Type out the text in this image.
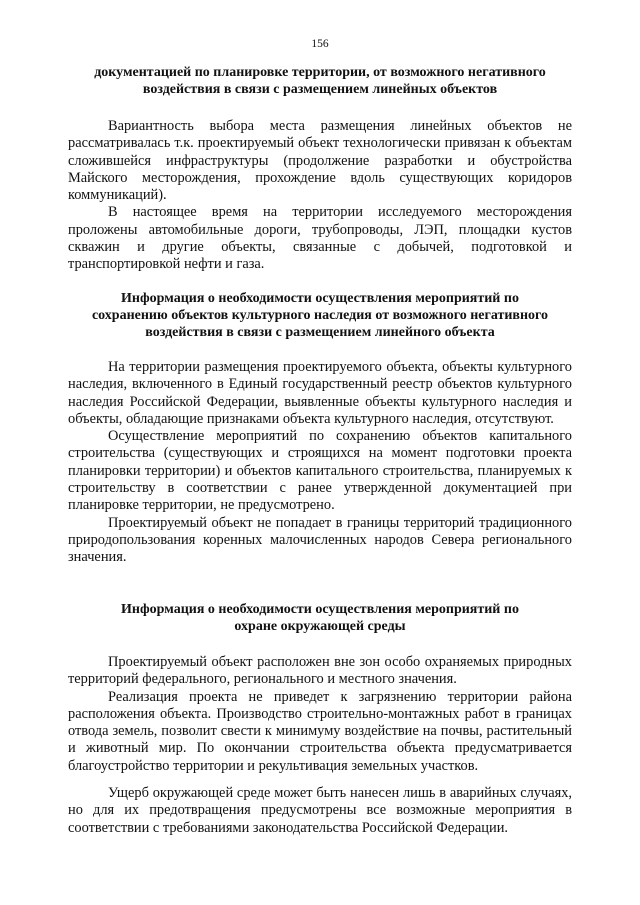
156

документацией по планировке территории, от возможного негативного

воздействия в связи с размещением линейных объектов

Вариантность выбора места размещения линейных объектов не рассматривалась т.к. проектируемый объект технологически привязан к объектам сложившейся инфраструктуры (продолжение разработки и обустройства Майского месторождения, прохождение вдоль существующих коридоров коммуникаций).

В настоящее время на территории исследуемого месторождения проложены автомобильные дороги, трубопроводы, ЛЭП, площадки кустов скважин и другие объекты, связанные с добычей, подготовкой и транспортировкой нефти и газа.

Информация о необходимости осуществления мероприятий по

сохранению объектов культурного наследия от возможного негативного

воздействия в связи с размещением линейного объекта

На территории размещения проектируемого объекта, объекты культурного наследия, включенного в Единый государственный реестр объектов культурного наследия Российской Федерации, выявленные объекты культурного наследия и объекты, обладающие признаками объекта культурного наследия, отсутствуют.

Осуществление мероприятий по сохранению объектов капитального строительства (существующих и строящихся на момент подготовки проекта планировки территории) и объектов капитального строительства, планируемых к строительству в соответствии с ранее утвержденной документацией при планировке территории, не предусмотрено.

Проектируемый объект не попадает в границы территорий традиционного природопользования коренных малочисленных народов Севера регионального значения.

Информация о необходимости осуществления мероприятий по

охране окружающей среды

Проектируемый объект расположен вне зон особо охраняемых природных территорий федерального, регионального и местного значения.

Реализация проекта не приведет к загрязнению территории района расположения объекта. Производство строительно-монтажных работ в границах отвода земель, позволит свести к минимуму воздействие на почвы, растительный и животный мир. По окончании строительства объекта предусматривается благоустройство территории и рекультивация земельных участков.

Ущерб окружающей среде может быть нанесен лишь в аварийных случаях, но для их предотвращения предусмотрены все возможные мероприятия в соответствии с требованиями законодательства Российской Федерации.
